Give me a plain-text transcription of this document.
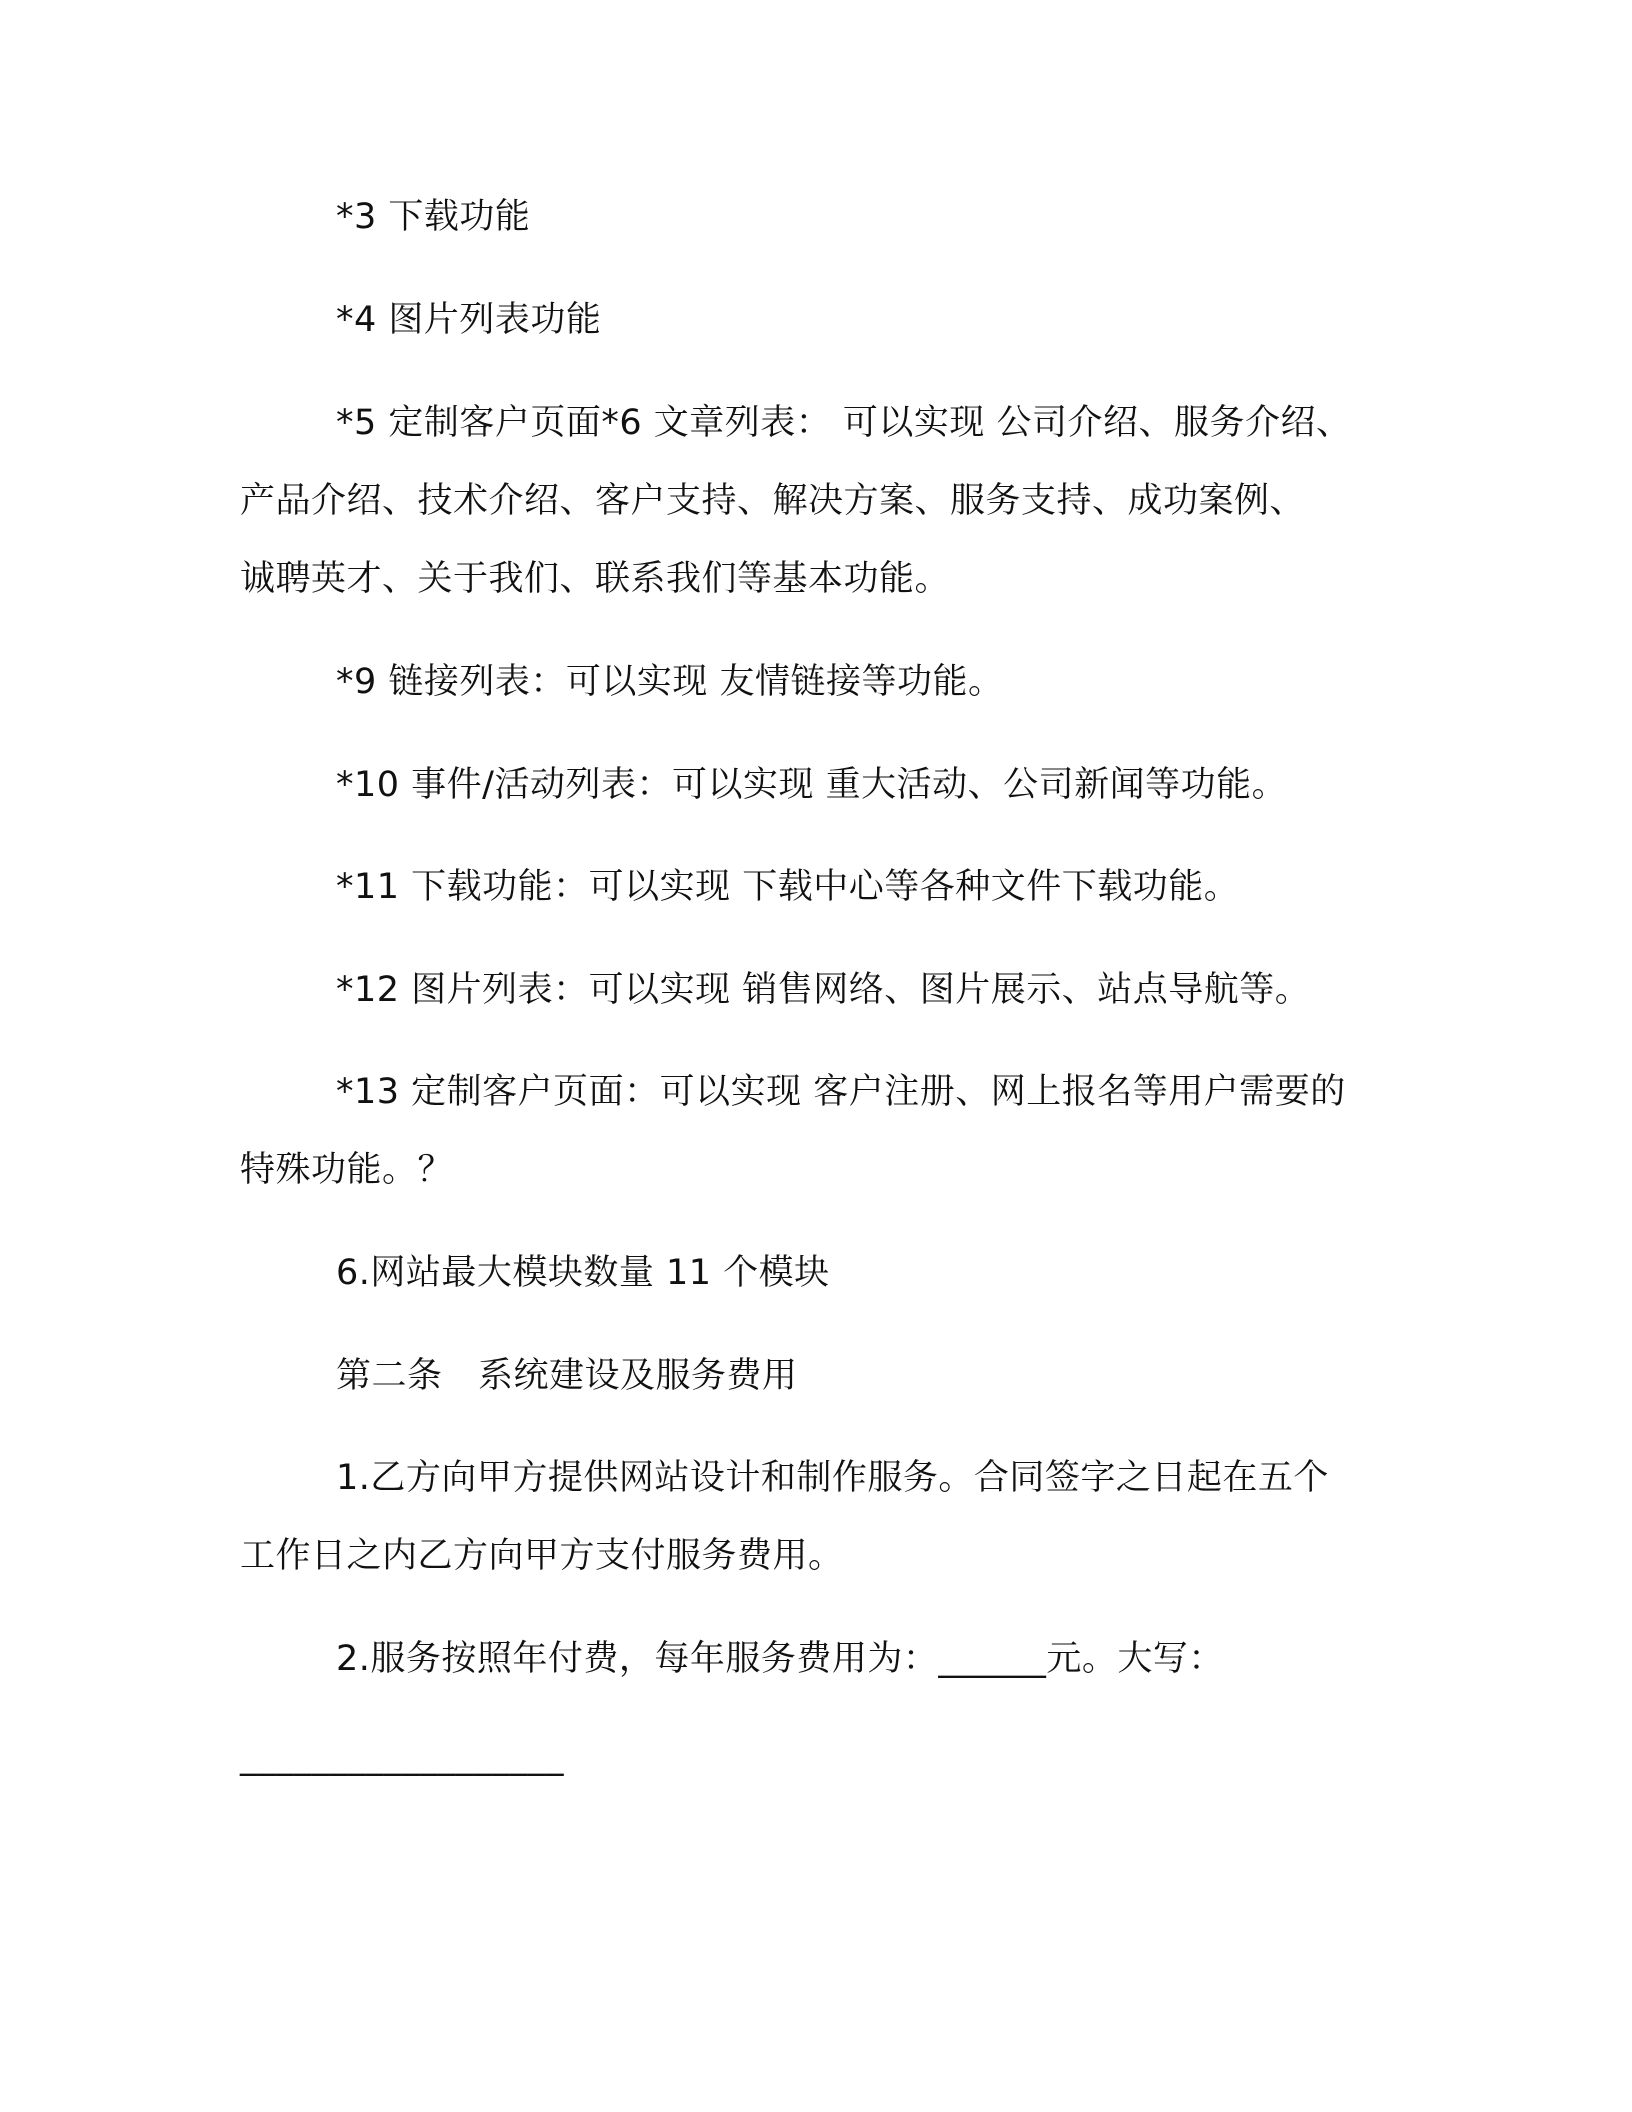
*3 下载功能

*4 图片列表功能

*5 定制客户页面*6 文章列表： 可以实现 公司介绍、服务介绍、

产品介绍、技术介绍、客户支持、解决方案、服务支持、成功案例、

诚聘英才、关于我们、联系我们等基本功能。

*9 链接列表：可以实现 友情链接等功能。

*10 事件/活动列表：可以实现 重大活动、公司新闻等功能。

*11 下载功能：可以实现 下载中心等各种文件下载功能。

*12 图片列表：可以实现 销售网络、图片展示、站点导航等。

*13 定制客户页面：可以实现 客户注册、网上报名等用户需要的

特殊功能。？

6.网站最大模块数量 11 个模块

第二条　系统建设及服务费用

1.乙方向甲方提供网站设计和制作服务。合同签字之日起在五个

工作日之内乙方向甲方支付服务费用。

2.服务按照年付费，每年服务费用为：______元。大写：

__________________
